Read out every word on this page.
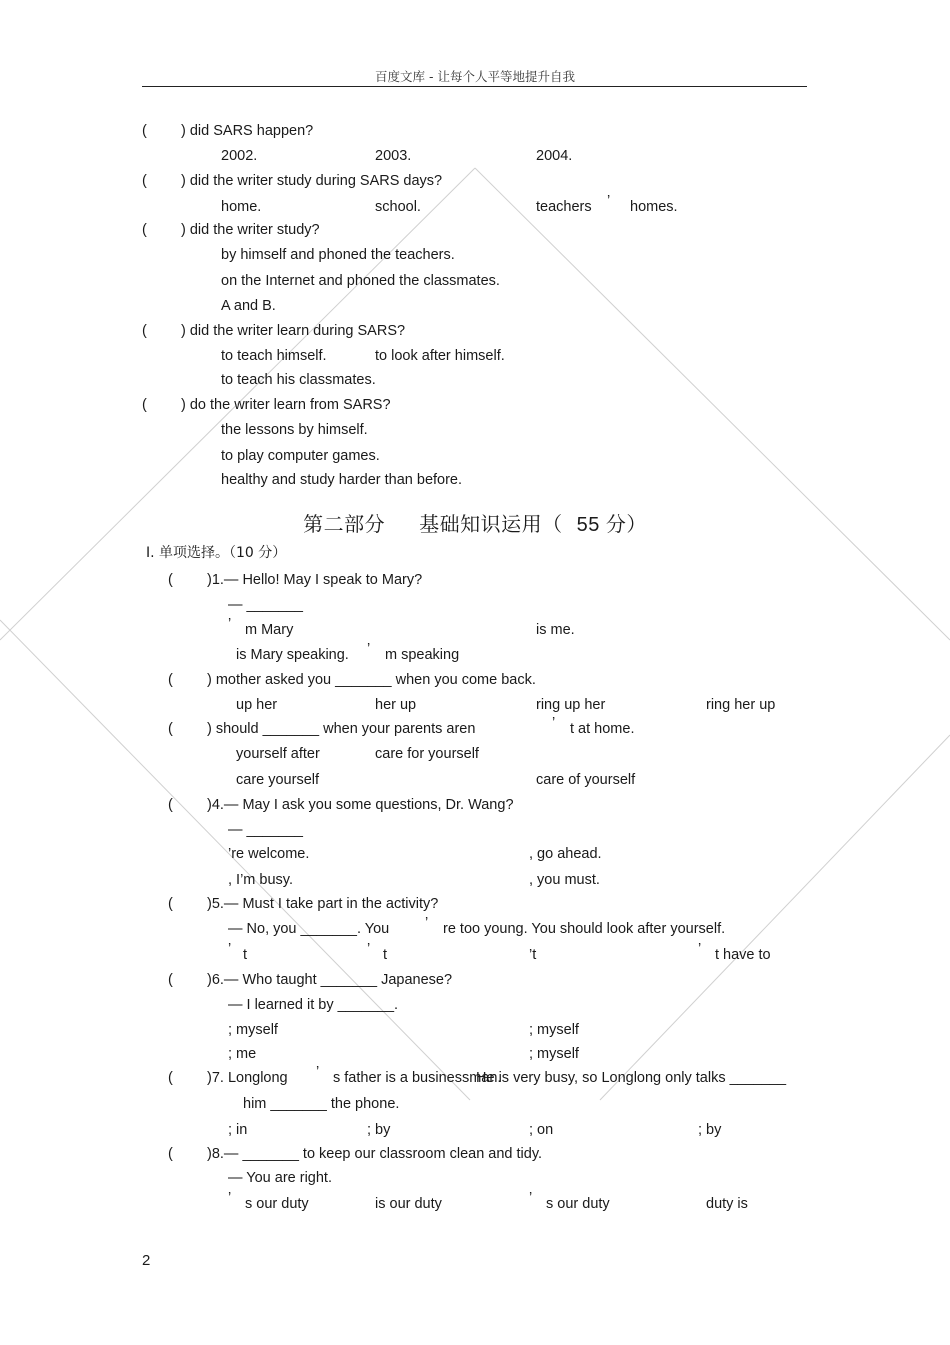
百度文库 - 让每个人平等地提升自我
( ) did SARS happen?
2002.	2003.	2004.
( ) did the writer study during SARS days?
home.	school.	teachers ’ homes.
( ) did the writer study?
by himself and phoned the teachers.
on the Internet and phoned the classmates.
A and B.
( ) did the writer learn during SARS?
to teach himself.	to look after himself.
to teach his classmates.
( ) do the writer learn from SARS?
the lessons by himself.
to play computer games.
healthy and study harder than before.
第二部分 基础知识运用（ 55 分）
Ⅰ. 单项选择。（10 分）
( )1.— Hello! May I speak to Mary?
— _______
’ m Mary	is me.
is Mary speaking. ’ m speaking
( ) mother asked you _______ when you come back.
up her	her up	ring up her	ring her up
( ) should _______ when your parents aren	’ t at home.
yourself after	care for yourself
care yourself	care of yourself
( )4.— May I ask you some questions, Dr. Wang?
— _______
’re welcome.	, go ahead.
, I’m busy.	, you must.
( )5.— Must I take part in the activity?
— No, you _______. You ’ re too young. You should look after yourself.
’ t	’ t	’t	’ t have to
( )6.— Who taught _______ Japanese?
— I learned it by _______.
; myself	; myself
; me	; myself
( )7. Longlong ’ s father is a businessman.
He is very busy, so Longlong only talks _______
him _______ the phone.
; in	; by	; on	; by
( )8.— _______ to keep our classroom clean and tidy.
— You are right.
’ s our duty	is our duty	’ s our duty	duty is
2
